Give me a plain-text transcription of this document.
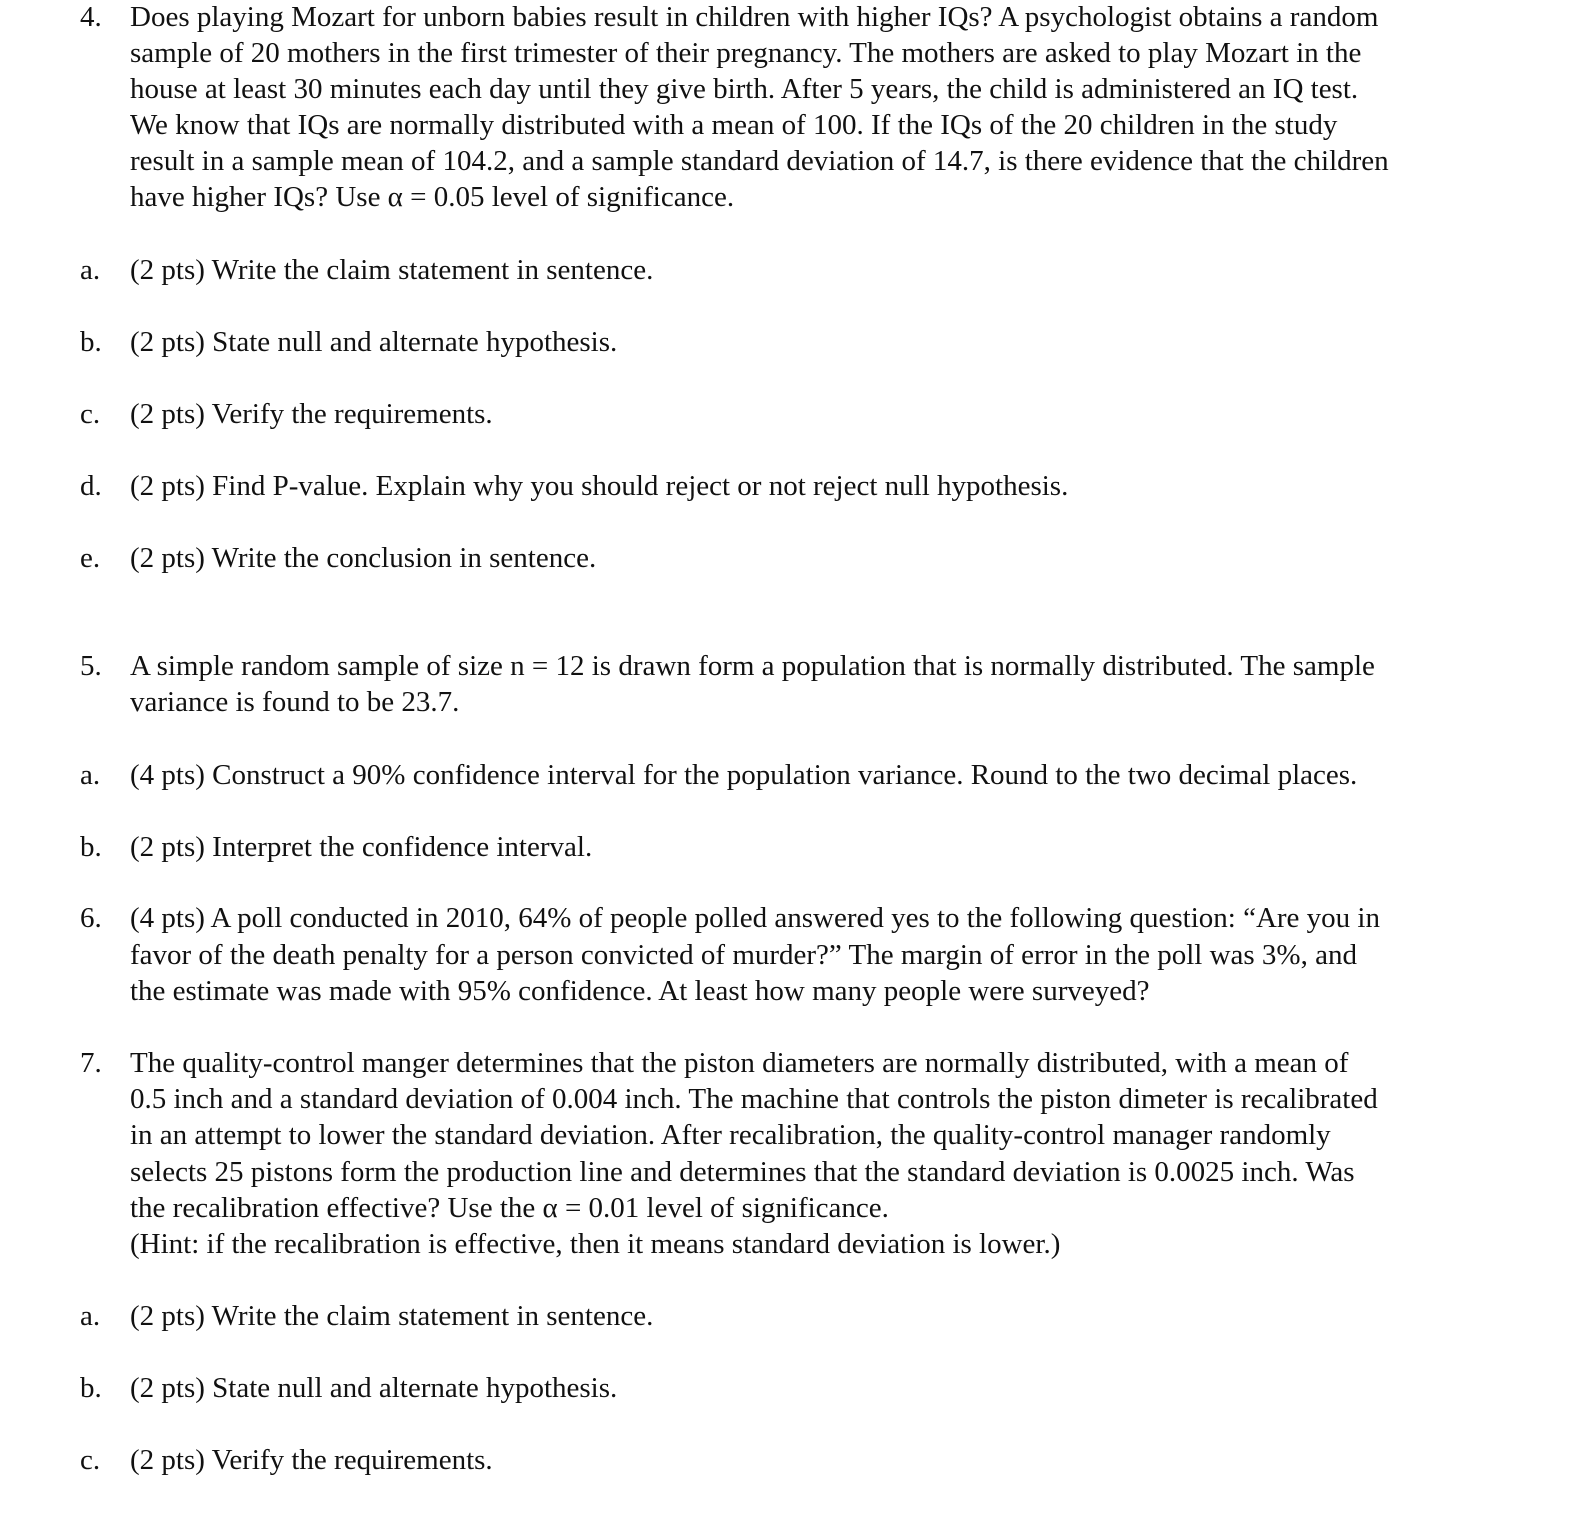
4. Does playing Mozart for unborn babies result in children with higher IQs? A psychologist obtains a random
sample of 20 mothers in the first trimester of their pregnancy. The mothers are asked to play Mozart in the
house at least 30 minutes each day until they give birth. After 5 years, the child is administered an IQ test.
We know that IQs are normally distributed with a mean of 100. If the IQs of the 20 children in the study
result in a sample mean of 104.2, and a sample standard deviation of 14.7, is there evidence that the children
have higher IQs? Use α = 0.05 level of significance.
a. (2 pts) Write the claim statement in sentence.
b. (2 pts) State null and alternate hypothesis.
c. (2 pts) Verify the requirements.
d. (2 pts) Find P-value. Explain why you should reject or not reject null hypothesis.
e. (2 pts) Write the conclusion in sentence.
5. A simple random sample of size n = 12 is drawn form a population that is normally distributed. The sample
variance is found to be 23.7.
a. (4 pts) Construct a 90% confidence interval for the population variance. Round to the two decimal places.
b. (2 pts) Interpret the confidence interval.
6. (4 pts) A poll conducted in 2010, 64% of people polled answered yes to the following question: “Are you in
favor of the death penalty for a person convicted of murder?” The margin of error in the poll was 3%, and
the estimate was made with 95% confidence. At least how many people were surveyed?
7. The quality-control manger determines that the piston diameters are normally distributed, with a mean of
0.5 inch and a standard deviation of 0.004 inch. The machine that controls the piston dimeter is recalibrated
in an attempt to lower the standard deviation. After recalibration, the quality-control manager randomly
selects 25 pistons form the production line and determines that the standard deviation is 0.0025 inch. Was
the recalibration effective? Use the α = 0.01 level of significance.
(Hint: if the recalibration is effective, then it means standard deviation is lower.)
a. (2 pts) Write the claim statement in sentence.
b. (2 pts) State null and alternate hypothesis.
c. (2 pts) Verify the requirements.
